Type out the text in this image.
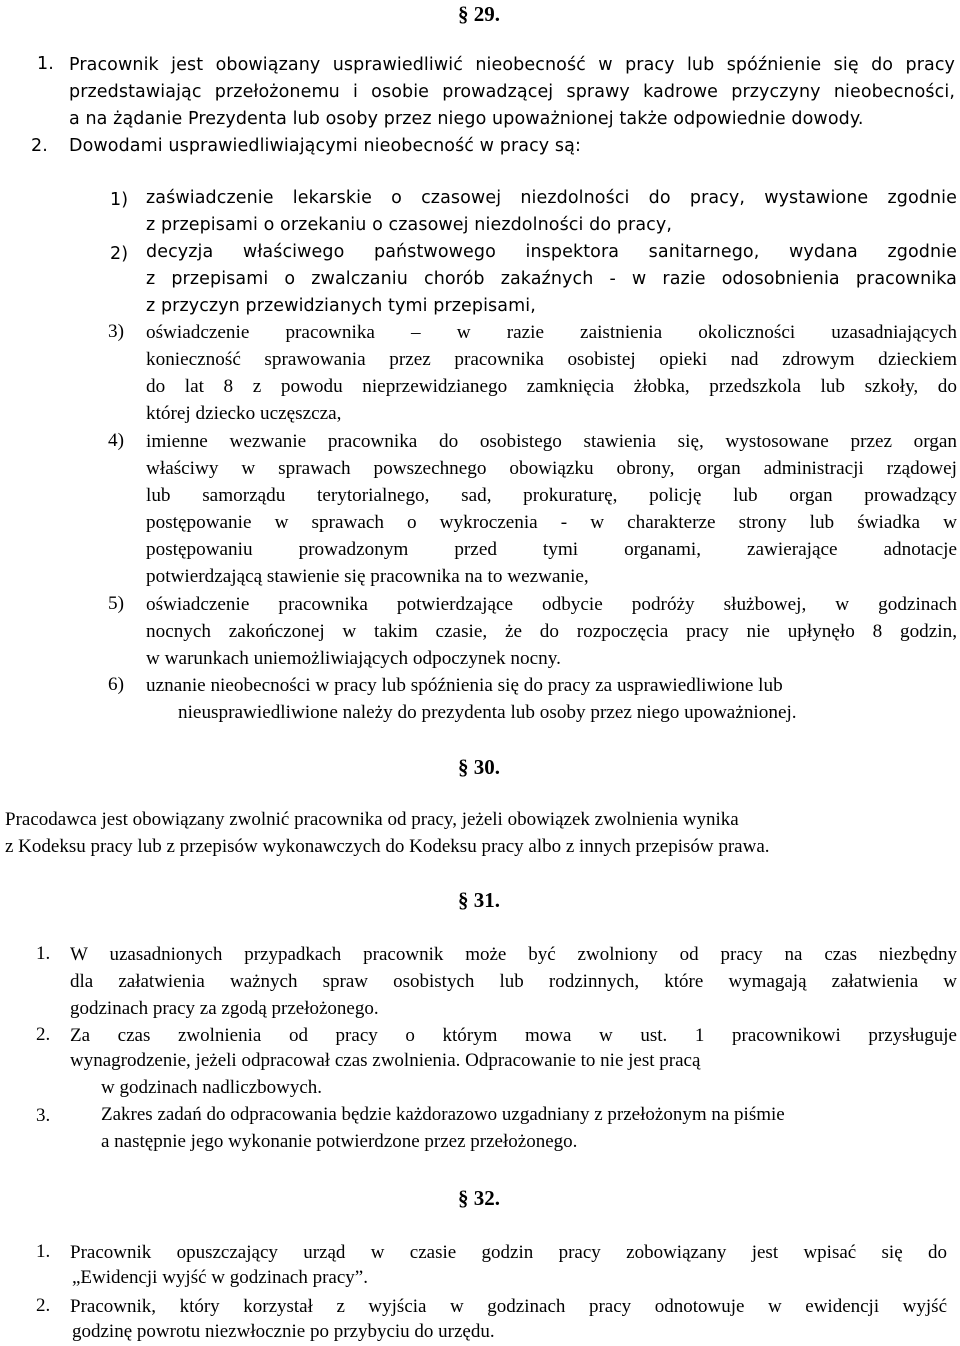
§ 29.
1. Pracownik jest obowiązany usprawiedliwić nieobecność w pracy lub spóźnienie się do pracy
przedstawiając przełożonemu i osobie prowadzącej sprawy kadrowe przyczyny nieobecności,
a na żądanie Prezydenta lub osoby przez niego upoważnionej także odpowiednie dowody.
2. Dowodami usprawiedliwiającymi nieobecność w pracy są:
1) zaświadczenie lekarskie o czasowej niezdolności do pracy, wystawione zgodnie
z przepisami o orzekaniu o czasowej niezdolności do pracy,
2) decyzja właściwego państwowego inspektora sanitarnego, wydana zgodnie
z przepisami o zwalczaniu chorób zakaźnych - w razie odosobnienia pracownika
z przyczyn przewidzianych tymi przepisami,
3) oświadczenie pracownika – w razie zaistnienia okoliczności uzasadniających
konieczność sprawowania przez pracownika osobistej opieki nad zdrowym dzieckiem
do lat 8 z powodu nieprzewidzianego zamknięcia żłobka, przedszkola lub szkoły, do
której dziecko uczęszcza,
4) imienne wezwanie pracownika do osobistego stawienia się, wystosowane przez organ
właściwy w sprawach powszechnego obowiązku obrony, organ administracji rządowej
lub samorządu terytorialnego, sad, prokuraturę, policję lub organ prowadzący
postępowanie w sprawach o wykroczenia - w charakterze strony lub świadka w
postępowaniu prowadzonym przed tymi organami, zawierające adnotacje
potwierdzającą stawienie się pracownika na to wezwanie,
5) oświadczenie pracownika potwierdzające odbycie podróży służbowej, w godzinach
nocnych zakończonej w takim czasie, że do rozpoczęcia pracy nie upłynęło 8 godzin,
w warunkach uniemożliwiających odpoczynek nocny.
6) uznanie nieobecności w pracy lub spóźnienia się do pracy za usprawiedliwione lub
nieusprawiedliwione należy do prezydenta lub osoby przez niego upoważnionej.
§ 30.
Pracodawca jest obowiązany zwolnić pracownika od pracy, jeżeli obowiązek zwolnienia wynika
z Kodeksu pracy lub z przepisów wykonawczych do Kodeksu pracy albo z innych przepisów prawa.
§ 31.
1. W uzasadnionych przypadkach pracownik może być zwolniony od pracy na czas niezbędny
dla załatwienia ważnych spraw osobistych lub rodzinnych, które wymagają załatwienia w
godzinach pracy za zgodą przełożonego.
2. Za czas zwolnienia od pracy o którym mowa w ust. 1 pracownikowi przysługuje
wynagrodzenie, jeżeli odpracował czas zwolnienia. Odpracowanie to nie jest pracą
w godzinach nadliczbowych.
3.	Zakres zadań do odpracowania będzie każdorazowo uzgadniany z przełożonym na piśmie
a następnie jego wykonanie potwierdzone przez przełożonego.
§ 32.
1. Pracownik opuszczający urząd w czasie godzin pracy zobowiązany jest wpisać się do
„Ewidencji wyjść w godzinach pracy”.
2. Pracownik, który korzystał z wyjścia w godzinach pracy odnotowuje w ewidencji wyjść
godzinę powrotu niezwłocznie po przybyciu do urzędu.
